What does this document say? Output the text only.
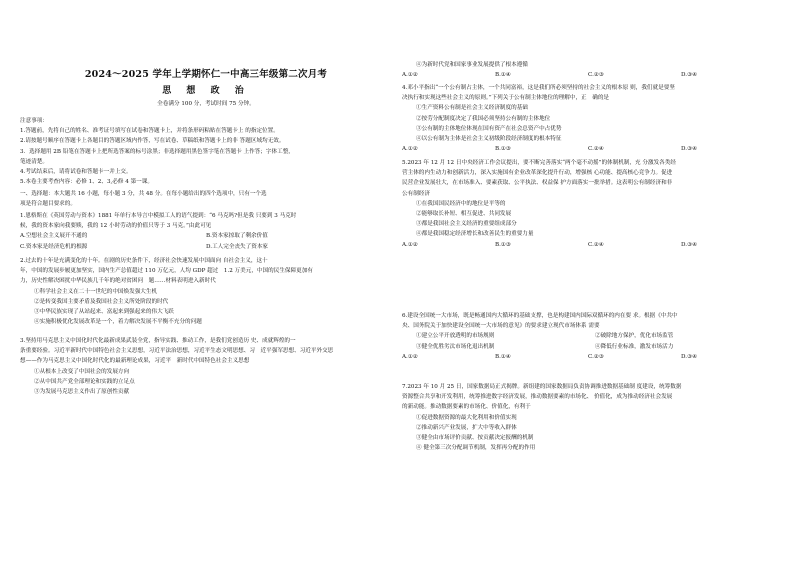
2024～2025 学年上学期怀仁一中高三年级第二次月考
思 想 政 治
全卷满分 100 分，考试时间 75 分钟。
注意事项：
1.答题前，先将自己的姓名、准考证号填写在试卷和答题卡上，并将条形码粘贴在答题卡上 的指定位置。
2.请按题号顺序在答题卡上各题目的答题区域内作答，写在试卷、草稿纸和答题卡上的非 答题区域均无效。
3．选择题用 2B 铅笔在答题卡上把所选答案的标号涂黑；非选择题用黑色签字笔在答题卡 上作答；字体工整，
笔迹清楚。
4.考试结束后，请将试卷和答题卡一并上交。
5.本卷主要考查内容：必修 1、2、3,必修 4 第一课。
一、选择题：本大题共 16 小题，每小题 3 分，共 48 分。在每小题给出的四个选项中，只有一个选
项是符合题目要求的。
1.恩格斯在《英国劳动与资本》1881 年单行本导言中模拟工人的语气提到：“6 马克吗?但是我 只要到 3 马克时
候，我的资本家向我要赎，我的 12 小时劳动的价值只等于 3 马克。”由此可见
A.空想社会主义展开不通的	B.资本家掠取了剩余价值
C.资本家是经济危机的根源	D.工人完全丧失了资本家
2.过去的十年是充满变化的十年。在剧的历史条件下，经济社会快速发展中国面向 自社会主义，这十
年，中国的发展步履更加坚实，国内生产总值超过 110 万亿元，人均 GDP 超过　1.2 万美元，中国的民生保障更加有
力，历史性解决困扰中华民族几千年的绝对贫困问　题……材料表明进入新时代
①科学社会主义在二十一世纪的中国焕发强大生机
②是转变我国主要矛盾及我国社会主义所处阶段的时代
③中华民族实现了从站起来、富起来到强起来的伟大飞跃
④实施积极优化发展改革是一个，着力解决发展不平衡不充分的问题
3.坚持用马克思主义中国化时代化最新成果武装全党，指导实践、推动工作，是我们党创造历 史、成就辉煌的一
条重要经验。习近平新时代中国特色社会主义思想，习近平法治思想，习近平生态文明思想、习　近平强军思想、习近平外交思
想——作为马克思主义中国化时代化的最新理论成果，习近平　新时代中国特色社会主义思想
①从根本上改变了中国社会的发展方向
②从中国共产党全部理论和实践的立足点
③为发展马克思主义作出了原创性贡献
④为新时代党和国家事业发展提供了根本遵循
A.①②	B.①④	C.②③	D.③④
4.邓小平指出“一个公有制占主体，一个共同富裕，这是我们所必须坚持的社会主义的根本原 则，我们就是要坚
决执行和实现这些社会主义的原则。”下列关于公有制主体地位的理解中，正　确的是
①生产资料公有制是社会主义经济制度的基础
②按劳分配制度决定了我国必须坚持公有制的主体地位
③公有制的主体地位体现在国有资产在社会总资产中占优势
④以公有制为主体是社会主义初级阶段经济制度的根本特征
A.①②	B.①③	C.②④	D.③④
5.2023 年 12 月 12 日中央经济工作会议提出，要不断完善落实“两个毫不动摇”的体制机制，充 分激发各类经
营主体的内生动力和创新活力，深入实施国有企业改革深化提升行动，增强核 心功能、提高核心竞争力。促进
民营企业发展壮大，在市场准入、要素获取、公平执法、权益保 护方面落实一批举措。这表明公有制经济和非
公有制经济
①在我国国民经济中的地位是平等的
②能够取长补短、相互促进、共同发展
③都是我国社会主义经济的重要组成部分
④都是我国稳定经济增长和改善民生的重要力量
A.①②	B.①③	C.②④	D.③④
6.建设全国统一大市场，既是畅通国内大循环的基础支撑，也是构建国内国际双循环的内在要 求。根据《中共中
央、国务院关于加快建设全国统一大市场的意见》的要求建立现代市场体系 需要
①建立公平开放透明的市场规则	②破除地方保护，优化市场监管
③健全优胜劣汰市场化退出机制	④降低行业标准，激发市场活力
A.①②	B.①④	C.②③	D.③④
7.2023 年 10 月 25 日，国家数据局正式揭牌。新组建的国家数据局负责协调推进数据基础制 度建设，统筹数据
资源整合共享和开发利用，统筹推进数字经济发展，推动数据要素的市场化、 价值化，成为推动经济社会发展
的新动能。推动数据要素的市场化、价值化，有利于
①促进数据资源的最大化利用和价值实现
②推动新兴产业发展，扩大中等收入群体
③健全由市场评价贡献、按贡献决定报酬的机制
④ 健全第三次分配调节机制，发挥再分配的作用
